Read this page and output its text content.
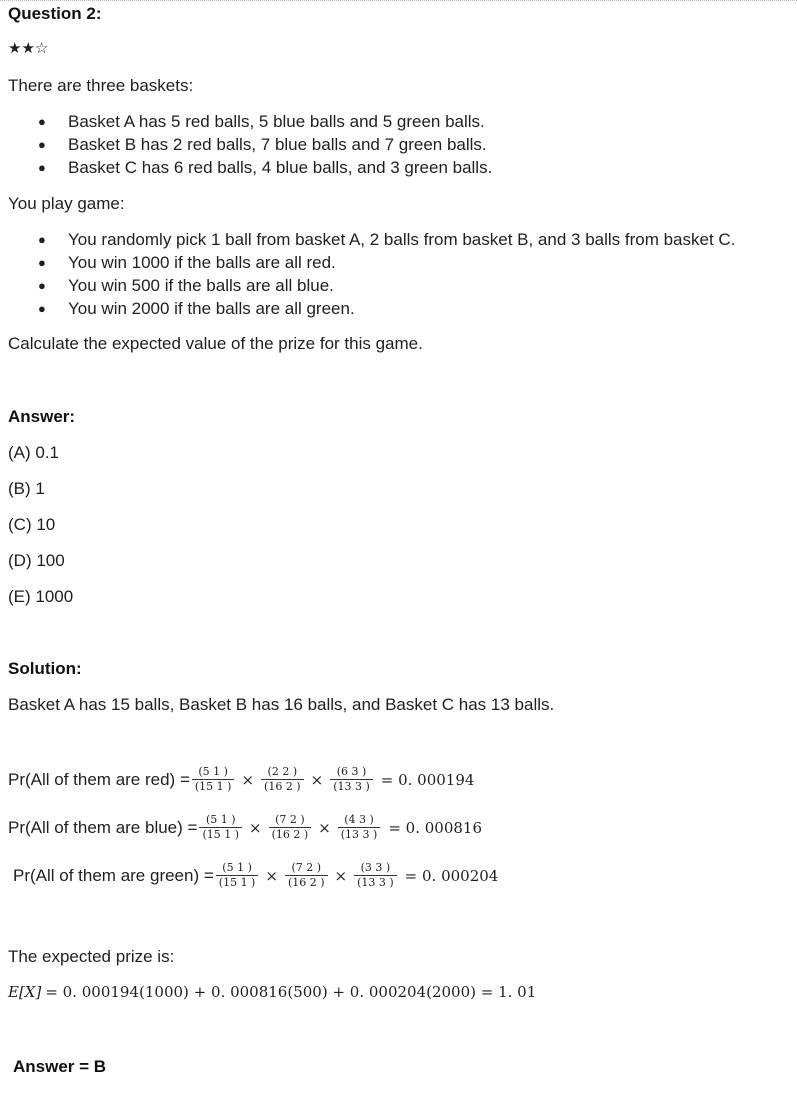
Question 2:
★★☆
There are three baskets:
● Basket A has 5 red balls, 5 blue balls and 5 green balls.
● Basket B has 2 red balls, 7 blue balls and 7 green balls.
● Basket C has 6 red balls, 4 blue balls, and 3 green balls.
You play game:
● You randomly pick 1 ball from basket A, 2 balls from basket B, and 3 balls from basket C.
● You win 1000 if the balls are all red.
● You win 500 if the balls are all blue.
● You win 2000 if the balls are all green.
Calculate the expected value of the prize for this game.
Answer:
(A) 0.1
(B) 1
(C) 10
(D) 100
(E) 1000
Solution:
Basket A has 15 balls, Basket B has 16 balls, and Basket C has 13 balls.
Pr(All of them are $red) = \frac{(5 1 )}{(15 1 )} \times \frac{(2 2 )}{(16 2 )} \times \frac{(6 3 )}{(13 3 )} = 0$. 000194
Pr(All of them are blue) = $\frac{(5 1 )}{(15 1 )} \times \frac{(7 2 )}{(16 2 )} \times \frac{(4 3 )}{(13 3 )} = 0$. 000816
Pr(All of them are green) = $\frac{(5 1 )}{(15 1 )} \times \frac{(7 2 )}{(16 2 )} \times \frac{(3 3 )}{(13 3 )} = 0$. 000204
The expected prize is:
E[X] = 0. 000194(1000) + 0. 000816(500) + 0. 000204(2000) = 1. 01
Answer = B
